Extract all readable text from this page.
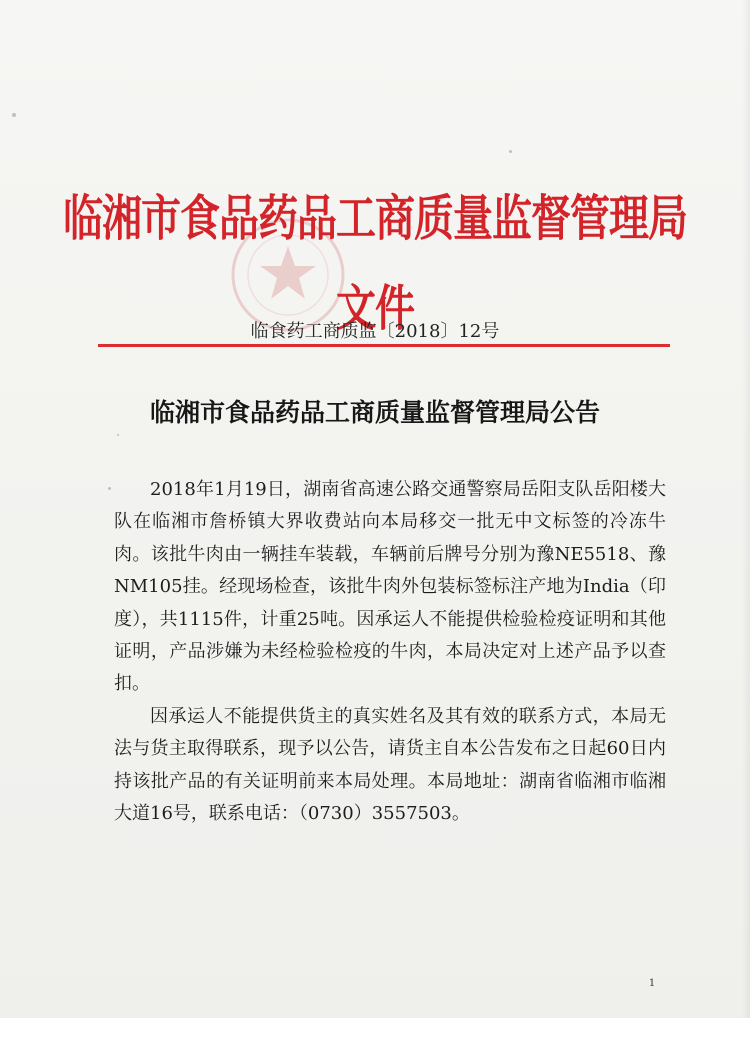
临湘市食品药品工商质量监督管理局文件
临食药工商质监〔2018〕12号
临湘市食品药品工商质量监督管理局公告

2018年1月19日，湖南省高速公路交通警察局岳阳支队岳阳楼大队在临湘市詹桥镇大界收费站向本局移交一批无中文标签的冷冻牛肉。该批牛肉由一辆挂车装载，车辆前后牌号分别为豫NE5518、豫NM105挂。经现场检查，该批牛肉外包装标签标注产地为India（印度），共1115件，计重25吨。因承运人不能提供检验检疫证明和其他证明，产品涉嫌为未经检验检疫的牛肉，本局决定对上述产品予以查扣。

因承运人不能提供货主的真实姓名及其有效的联系方式，本局无法与货主取得联系，现予以公告，请货主自本公告发布之日起60日内持该批产品的有关证明前来本局处理。本局地址：湖南省临湘市临湘大道16号，联系电话：（0730）3557503。

1
